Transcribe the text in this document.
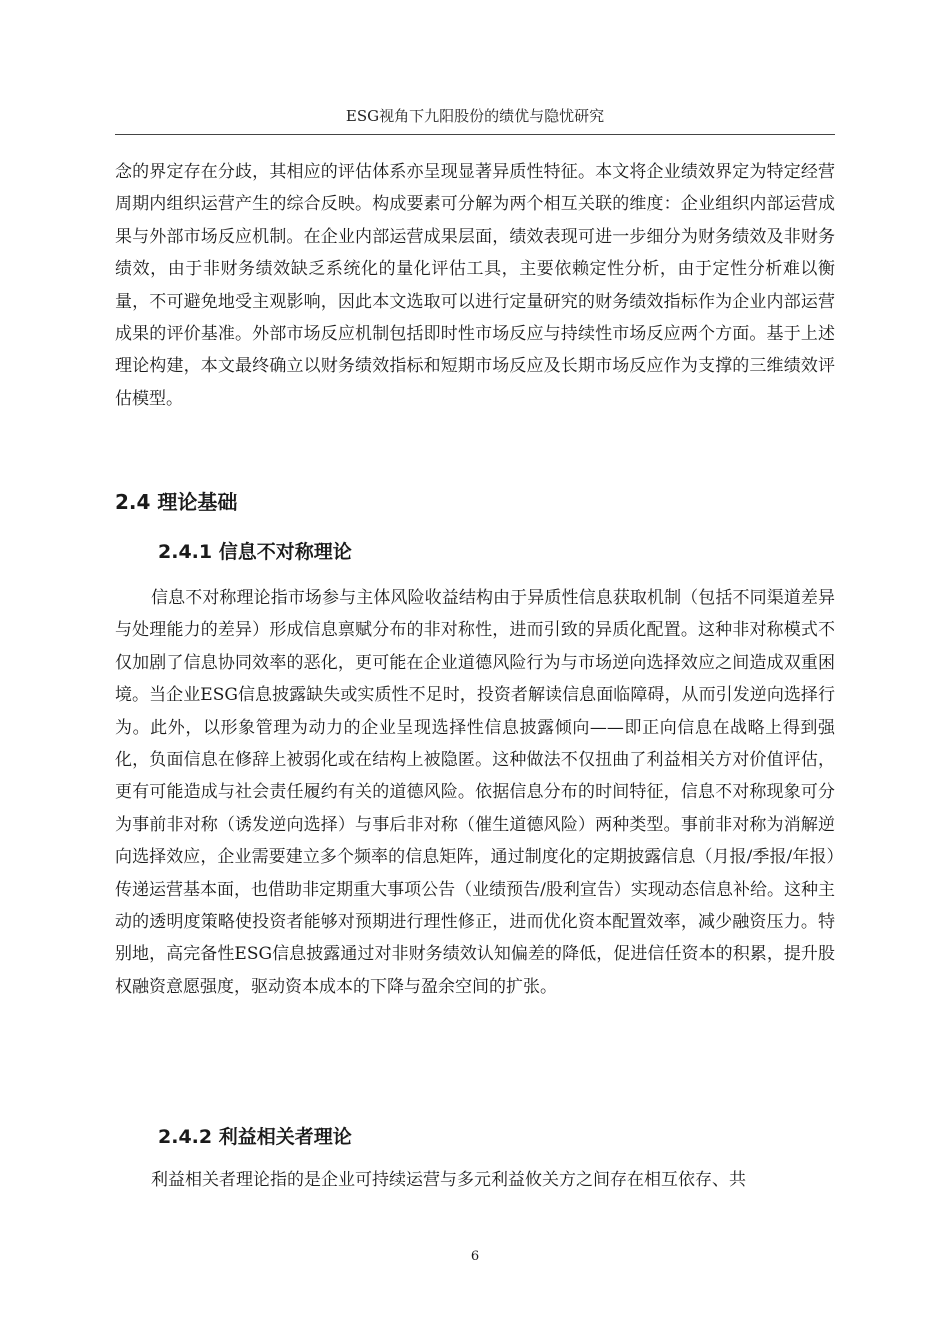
ESG视角下九阳股份的绩优与隐忧研究

念的界定存在分歧，其相应的评估体系亦呈现显著异质性特征。本文将企业绩效界定为特定经营周期内组织运营产生的综合反映。构成要素可分解为两个相互关联的维度：企业组织内部运营成果与外部市场反应机制。在企业内部运营成果层面，绩效表现可进一步细分为财务绩效及非财务绩效，由于非财务绩效缺乏系统化的量化评估工具，主要依赖定性分析，由于定性分析难以衡量，不可避免地受主观影响，因此本文选取可以进行定量研究的财务绩效指标作为企业内部运营成果的评价基准。外部市场反应机制包括即时性市场反应与持续性市场反应两个方面。基于上述理论构建，本文最终确立以财务绩效指标和短期市场反应及长期市场反应作为支撑的三维绩效评估模型。

2.4 理论基础
2.4.1 信息不对称理论

信息不对称理论指市场参与主体风险收益结构由于异质性信息获取机制（包括不同渠道差异与处理能力的差异）形成信息禀赋分布的非对称性，进而引致的异质化配置。这种非对称模式不仅加剧了信息协同效率的恶化，更可能在企业道德风险行为与市场逆向选择效应之间造成双重困境。当企业ESG信息披露缺失或实质性不足时，投资者解读信息面临障碍，从而引发逆向选择行为。此外，以形象管理为动力的企业呈现选择性信息披露倾向——即正向信息在战略上得到强化，负面信息在修辞上被弱化或在结构上被隐匿。这种做法不仅扭曲了利益相关方对价值评估，更有可能造成与社会责任履约有关的道德风险。依据信息分布的时间特征，信息不对称现象可分为事前非对称（诱发逆向选择）与事后非对称（催生道德风险）两种类型。事前非对称为消解逆向选择效应，企业需要建立多个频率的信息矩阵，通过制度化的定期披露信息（月报/季报/年报）传递运营基本面，也借助非定期重大事项公告（业绩预告/股利宣告）实现动态信息补给。这种主动的透明度策略使投资者能够对预期进行理性修正，进而优化资本配置效率，减少融资压力。特别地，高完备性ESG信息披露通过对非财务绩效认知偏差的降低，促进信任资本的积累，提升股权融资意愿强度，驱动资本成本的下降与盈余空间的扩张。

2.4.2 利益相关者理论

利益相关者理论指的是企业可持续运营与多元利益攸关方之间存在相互依存、共

6
